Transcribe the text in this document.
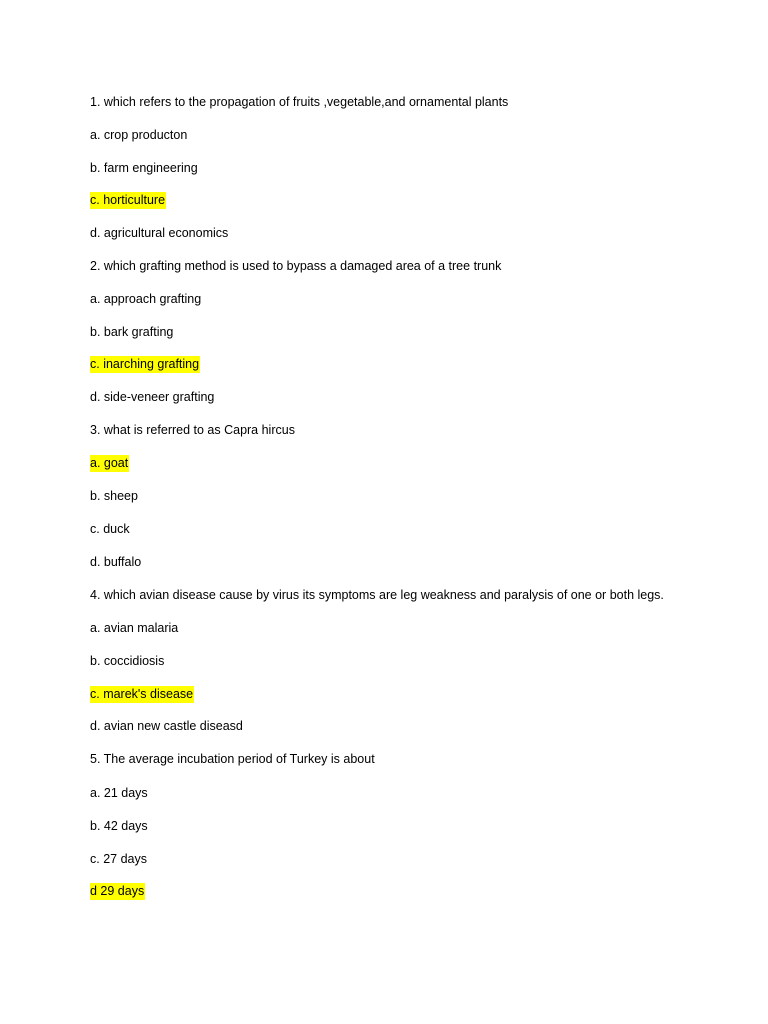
1. which refers to the propagation of fruits ,vegetable,and ornamental plants
a. crop producton
b. farm engineering
c. horticulture
d. agricultural economics
2. which grafting method is used to bypass a damaged area of a tree trunk
a. approach grafting
b. bark grafting
c. inarching grafting
d. side-veneer grafting
3. what is referred to as Capra hircus
a. goat
b. sheep
c. duck
d. buffalo
4. which avian disease cause by virus its symptoms are leg weakness and paralysis of one or both legs.
a. avian malaria
b. coccidiosis
c. marek's disease
d. avian new castle diseasd
5. The average incubation period of Turkey is about
a. 21 days
b. 42 days
c. 27 days
d 29 days
